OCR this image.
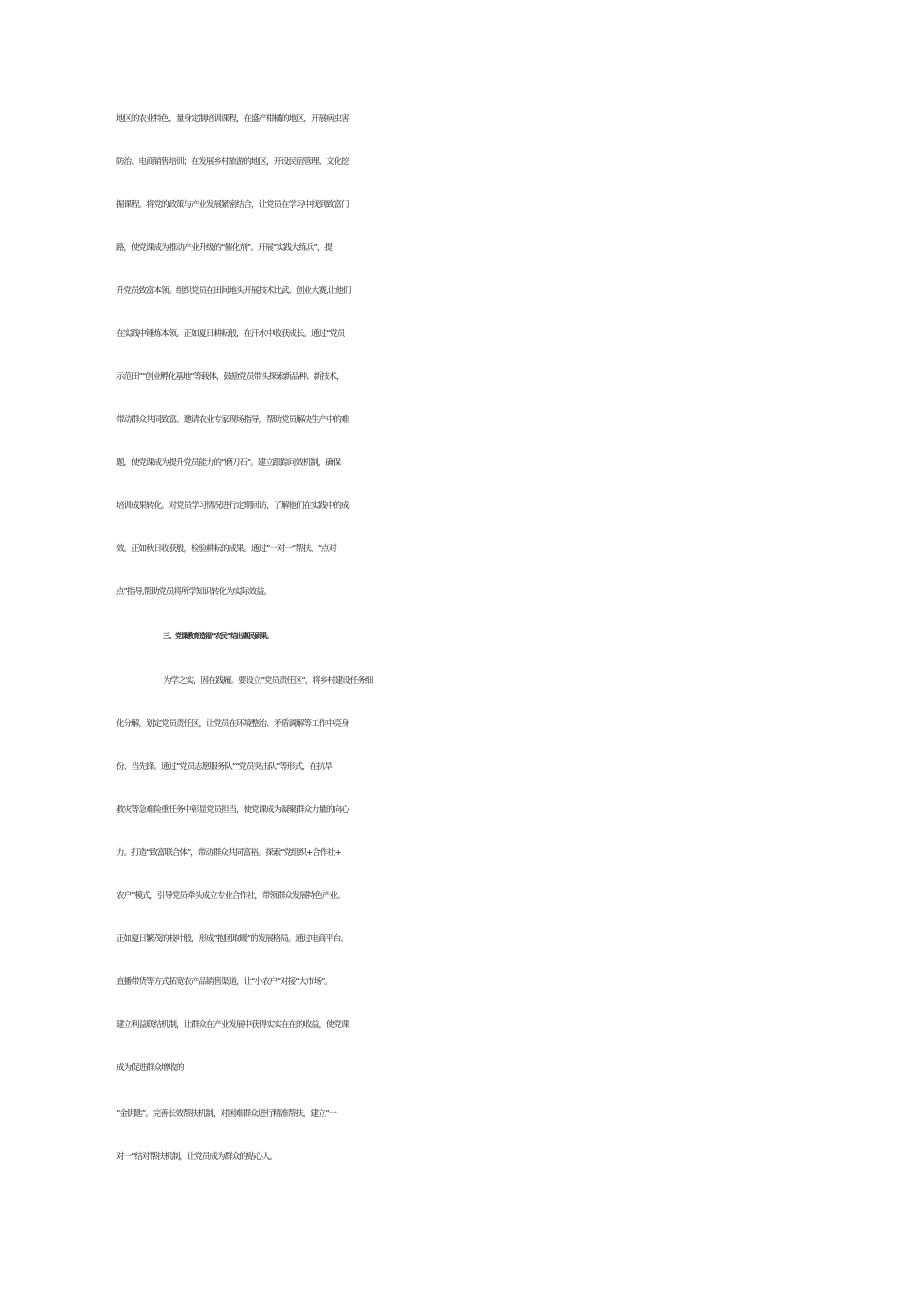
地区的农业特色，量身定制培训课程，在盛产柑橘的地区，开展病虫害
防治、电商销售培训；在发展乡村旅游的地区，开设民宿管理、文化挖
掘课程。将党的政策与产业发展紧密结合，让党员在学习中找到致富门
路，使党课成为推动产业升级的“催化剂”。开展”实践大练兵”，提
升党员致富本领。组织党员在田间地头开展技术比武、创业大赛,让他们
在实践中锤炼本领。正如夏日耕耘般，在汗水中收获成长。通过“党员
示范田”“创业孵化基地”等载体，鼓励党员带头探索新品种、新技术，
带动群众共同致富。邀请农业专家现场指导，帮助党员解决生产中的难
题，使党课成为提升党员能力的“磨刀石”。建立跟踪问效机制，确保
培训成果转化。对党员学习情况进行定期回访，了解他们在实践中的成
效。正如秋日收获般，检验耕耘的成果。通过“一对一”帮扶、“点对
点”指导,帮助党员将所学知识转化为实际效益。
三、党课教育造福“农民”结出惠民硕果。
为学之实，固在践履。要设立“党员责任区”，将乡村建设任务细
化分解，划定党员责任区，让党员在环境整治、矛盾调解等工作中亮身
份、当先锋。通过“党员志愿服务队”“党员突击队”等形式，在抗旱
救灾等急难险重任务中彰显党员担当，使党课成为凝聚群众力量的向心
力。打造“致富联合体”，带动群众共同富裕。探索“党组织+合作社+
农户”模式，引导党员牵头成立专业合作社，带领群众发展特色产业。
正如夏日繁茂的枝叶般，形成“抱团取暖”的发展格局。通过电商平台、
直播带货等方式拓宽农产品销售渠道，让“小农户”对接“大市场”。
建立利益联结机制，让群众在产业发展中获得实实在在的收益，使党课
成为促进群众增收的
“金钥匙”。完善长效帮扶机制，对困难群众进行精准帮扶，建立“一
对一”结对帮扶机制，让党员成为群众的贴心人。
